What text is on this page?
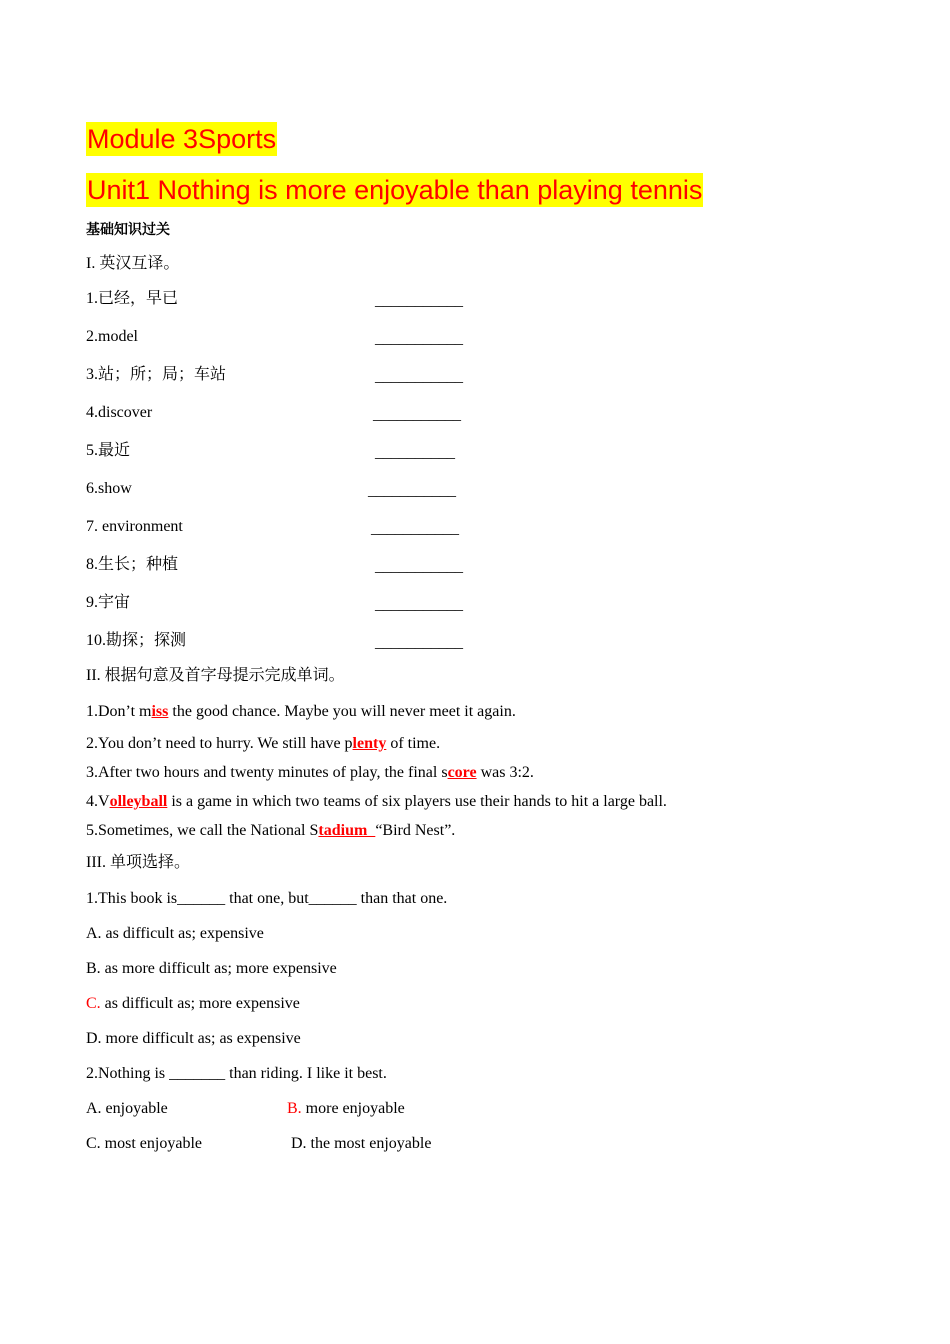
Module 3Sports
Unit1 Nothing is more enjoyable than playing tennis
基础知识过关
I. 英汉互译。
1.已经，早已	___________
2.model	___________
3.站；所；局；车站	___________
4.discover	___________
5.最近	__________
6.show	___________
7. environment	___________
8.生长；种植	___________
9.宇宙	___________
10.勘探；探测	___________
II. 根据句意及首字母提示完成单词。
1.Don’t miss the good chance. Maybe you will never meet it again.
2.You don’t need to hurry. We still have plenty of time.
3.After two hours and twenty minutes of play, the final score was 3:2.
4.Volleyball is a game in which two teams of six players use their hands to hit a large ball.
5.Sometimes, we call the National Stadium  “Bird Nest”.
III. 单项选择。
1.This book is______ that one, but______ than that one.
A. as difficult as; expensive
B. as more difficult as; more expensive
C. as difficult as; more expensive
D. more difficult as; as expensive
2.Nothing is _______ than riding. I like it best.
A. enjoyable	B. more enjoyable
C. most enjoyable	D. the most enjoyable
